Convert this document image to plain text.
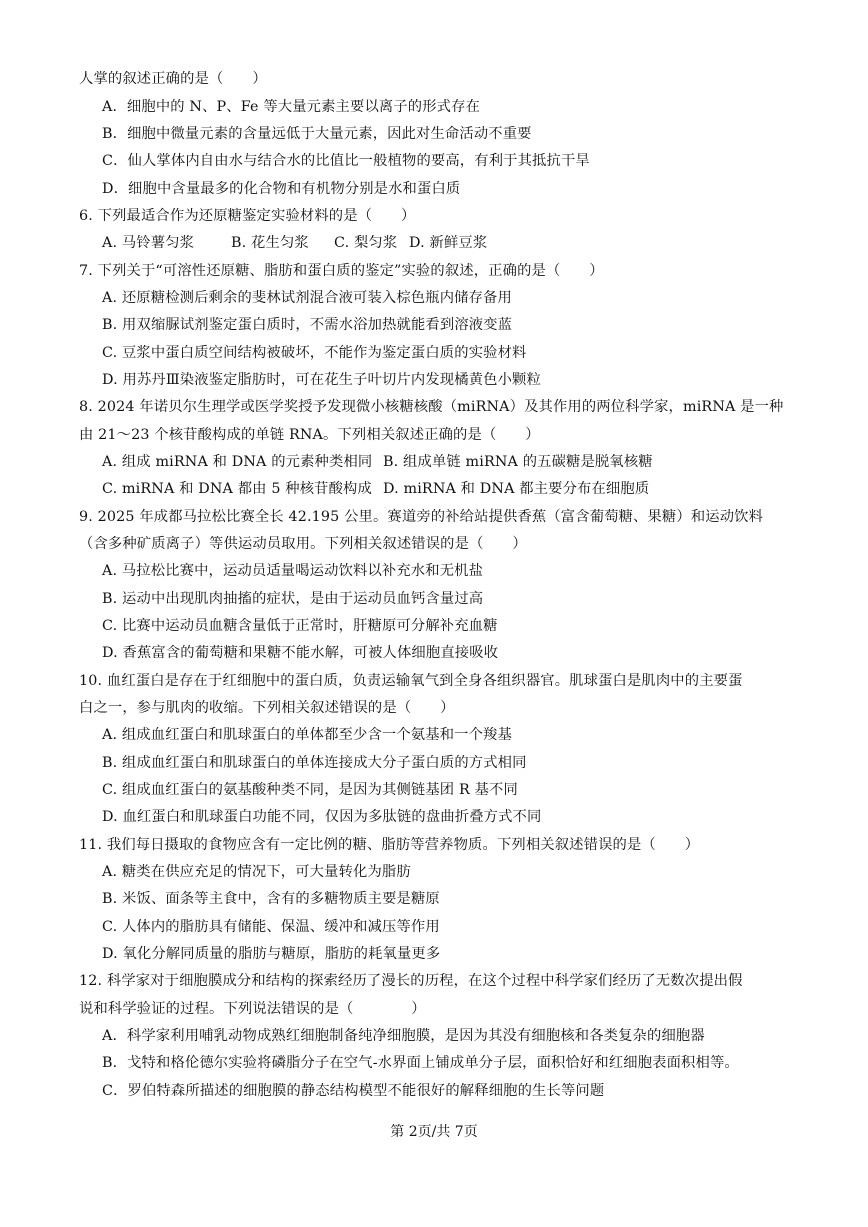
人掌的叙述正确的是（　　）
A．细胞中的 N、P、Fe 等大量元素主要以离子的形式存在
B．细胞中微量元素的含量远低于大量元素，因此对生命活动不重要
C．仙人掌体内自由水与结合水的比值比一般植物的要高，有利于其抵抗干旱
D．细胞中含量最多的化合物和有机物分别是水和蛋白质
6. 下列最适合作为还原糖鉴定实验材料的是（　　）
A. 马铃薯匀浆	B. 花生匀浆 C. 梨匀浆 D. 新鲜豆浆
7. 下列关于“可溶性还原糖、脂肪和蛋白质的鉴定”实验的叙述，正确的是（　　）
A. 还原糖检测后剩余的斐林试剂混合液可装入棕色瓶内储存备用
B. 用双缩脲试剂鉴定蛋白质时，不需水浴加热就能看到溶液变蓝
C. 豆浆中蛋白质空间结构被破坏，不能作为鉴定蛋白质的实验材料
D. 用苏丹Ⅲ染液鉴定脂肪时，可在花生子叶切片内发现橘黄色小颗粒
8. 2024 年诺贝尔生理学或医学奖授予发现微小核糖核酸（miRNA）及其作用的两位科学家，miRNA 是一种
由 21～23 个核苷酸构成的单链 RNA。下列相关叙述正确的是（　　）
A. 组成 miRNA 和 DNA 的元素种类相同 B. 组成单链 miRNA 的五碳糖是脱氧核糖
C. miRNA 和 DNA 都由 5 种核苷酸构成 D. miRNA 和 DNA 都主要分布在细胞质
9. 2025 年成都马拉松比赛全长 42.195 公里。赛道旁的补给站提供香蕉（富含葡萄糖、果糖）和运动饮料
（含多种矿质离子）等供运动员取用。下列相关叙述错误的是（　　）
A. 马拉松比赛中，运动员适量喝运动饮料以补充水和无机盐
B. 运动中出现肌肉抽搐的症状，是由于运动员血钙含量过高
C. 比赛中运动员血糖含量低于正常时，肝糖原可分解补充血糖
D. 香蕉富含的葡萄糖和果糖不能水解，可被人体细胞直接吸收
10. 血红蛋白是存在于红细胞中的蛋白质，负责运输氧气到全身各组织器官。肌球蛋白是肌肉中的主要蛋
白之一，参与肌肉的收缩。下列相关叙述错误的是（　　）
A. 组成血红蛋白和肌球蛋白的单体都至少含一个氨基和一个羧基
B. 组成血红蛋白和肌球蛋白的单体连接成大分子蛋白质的方式相同
C. 组成血红蛋白的氨基酸种类不同，是因为其侧链基团 R 基不同
D. 血红蛋白和肌球蛋白功能不同，仅因为多肽链的盘曲折叠方式不同
11. 我们每日摄取的食物应含有一定比例的糖、脂肪等营养物质。下列相关叙述错误的是（　　）
A. 糖类在供应充足的情况下，可大量转化为脂肪
B. 米饭、面条等主食中，含有的多糖物质主要是糖原
C. 人体内的脂肪具有储能、保温、缓冲和减压等作用
D. 氧化分解同质量的脂肪与糖原，脂肪的耗氧量更多
12. 科学家对于细胞膜成分和结构的探索经历了漫长的历程，在这个过程中科学家们经历了无数次提出假
说和科学验证的过程。下列说法错误的是（　　　　）
A．科学家利用哺乳动物成熟红细胞制备纯净细胞膜，是因为其没有细胞核和各类复杂的细胞器
B．戈特和格伦德尔实验将磷脂分子在空气-水界面上铺成单分子层，面积恰好和红细胞表面积相等。
C．罗伯特森所描述的细胞膜的静态结构模型不能很好的解释细胞的生长等问题
第 2页/共 7页
